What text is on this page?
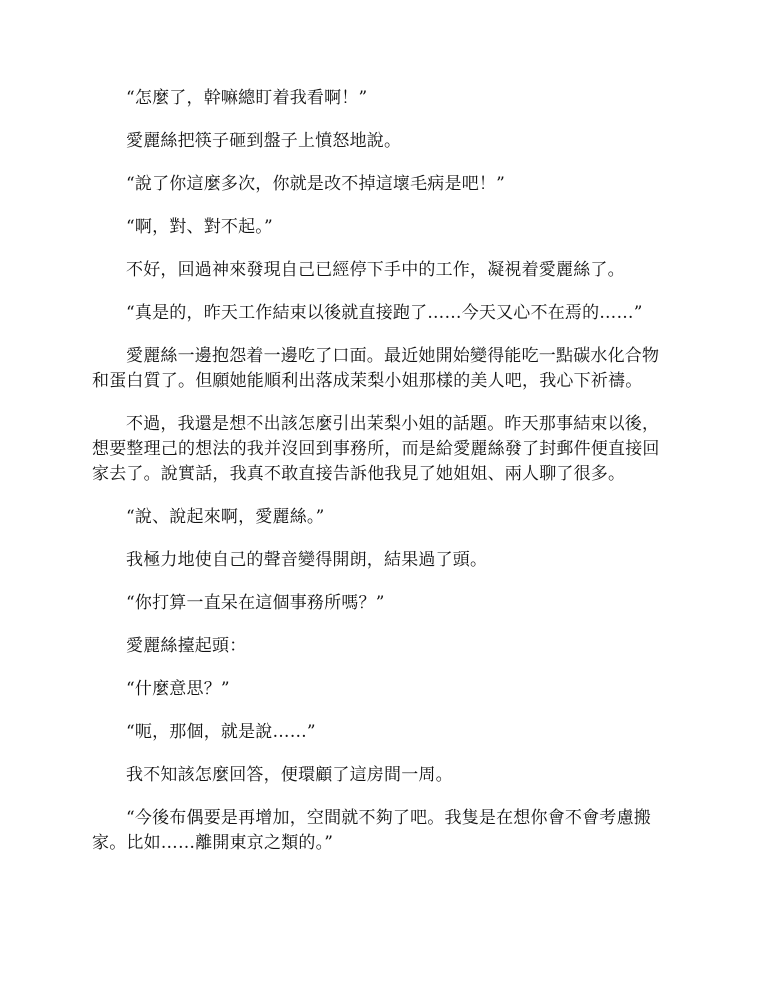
“怎麼了，幹嘛總盯着我看啊！”

愛麗絲把筷子砸到盤子上憤怒地說。

“說了你這麼多次，你就是改不掉這壞毛病是吧！”

“啊，對、對不起。”

不好，回過神來發現自己已經停下手中的工作，凝視着愛麗絲了。

“真是的，昨天工作結束以後就直接跑了……今天又心不在焉的……”

愛麗絲一邊抱怨着一邊吃了口面。最近她開始變得能吃一點碳水化合物和蛋白質了。但願她能順利出落成茉梨小姐那樣的美人吧，我心下祈禱。

不過，我還是想不出該怎麼引出茉梨小姐的話題。昨天那事結束以後，想要整理己的想法的我并沒回到事務所，而是給愛麗絲發了封郵件便直接回家去了。說實話，我真不敢直接告訴他我見了她姐姐、兩人聊了很多。

“說、說起來啊，愛麗絲。”

我極力地使自己的聲音變得開朗，結果過了頭。

“你打算一直呆在這個事務所嗎？”

愛麗絲擡起頭：

“什麼意思？”

“呃，那個，就是說……”

我不知該怎麼回答，便環顧了這房間一周。

“今後布偶要是再增加，空間就不夠了吧。我隻是在想你會不會考慮搬家。比如……離開東京之類的。”
